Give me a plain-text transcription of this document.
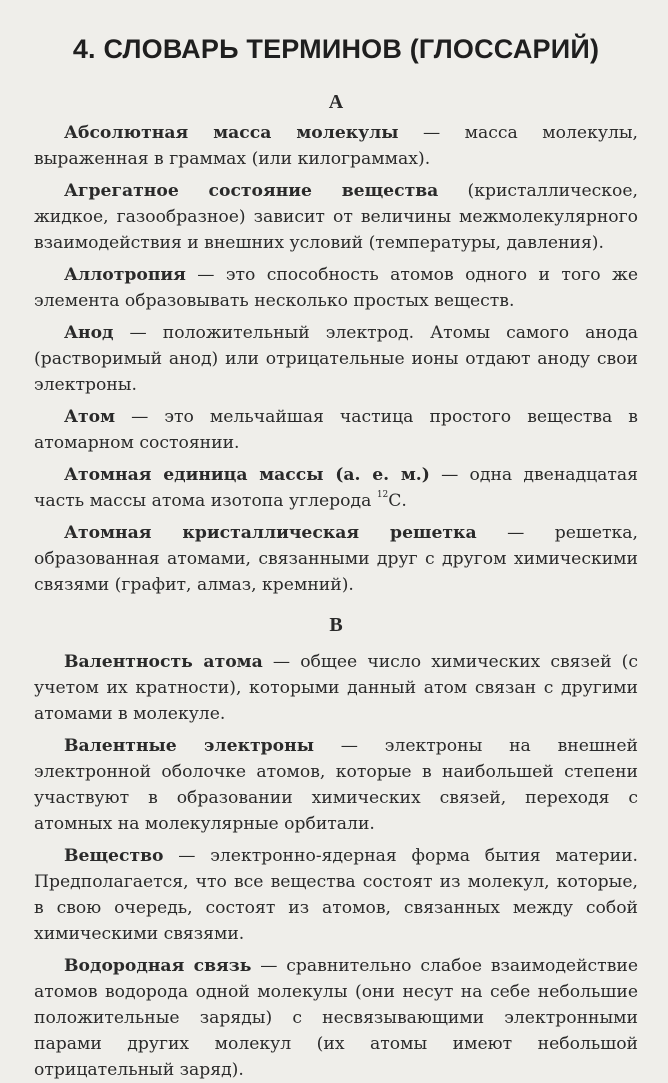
4. СЛОВАРЬ ТЕРМИНОВ (ГЛОССАРИЙ)
А

Абсолютная масса молекулы — масса молекулы, выраженная в граммах (или килограммах).

Агрегатное состояние вещества (кристаллическое, жидкое, газообразное) зависит от величины межмолекулярного взаимодействия и внешних условий (температуры, давления).

Аллотропия — это способность атомов одного и того же элемента образовывать несколько простых веществ.

Анод — положительный электрод. Атомы самого анода (растворимый анод) или отрицательные ионы отдают аноду свои электроны.

Атом — это мельчайшая частица простого вещества в атомарном состоянии.

Атомная единица массы (а. е. м.) — одна двенадцатая часть массы атома изотопа углерода $^{12}$С.

Атомная кристаллическая решетка — решетка, образованная атомами, связанными друг с другом химическими связями (графит, алмаз, кремний).

В

Валентность атома — общее число химических связей (с учетом их кратности), которыми данный атом связан с другими атомами в молекуле.

Валентные электроны — электроны на внешней электронной оболочке атомов, которые в наибольшей степени участвуют в образовании химических связей, переходя с атомных на молекулярные орбитали.

Вещество — электронно-ядерная форма бытия материи. Предполагается, что все вещества состоят из молекул, которые, в свою очередь, состоят из атомов, связанных между собой химическими связями.

Водородная связь — сравнительно слабое взаимодействие атомов водорода одной молекулы (они несут на себе небольшие положительные заряды) с несвязывающими электронными парами других молекул (их атомы имеют небольшой отрицательный заряд).
